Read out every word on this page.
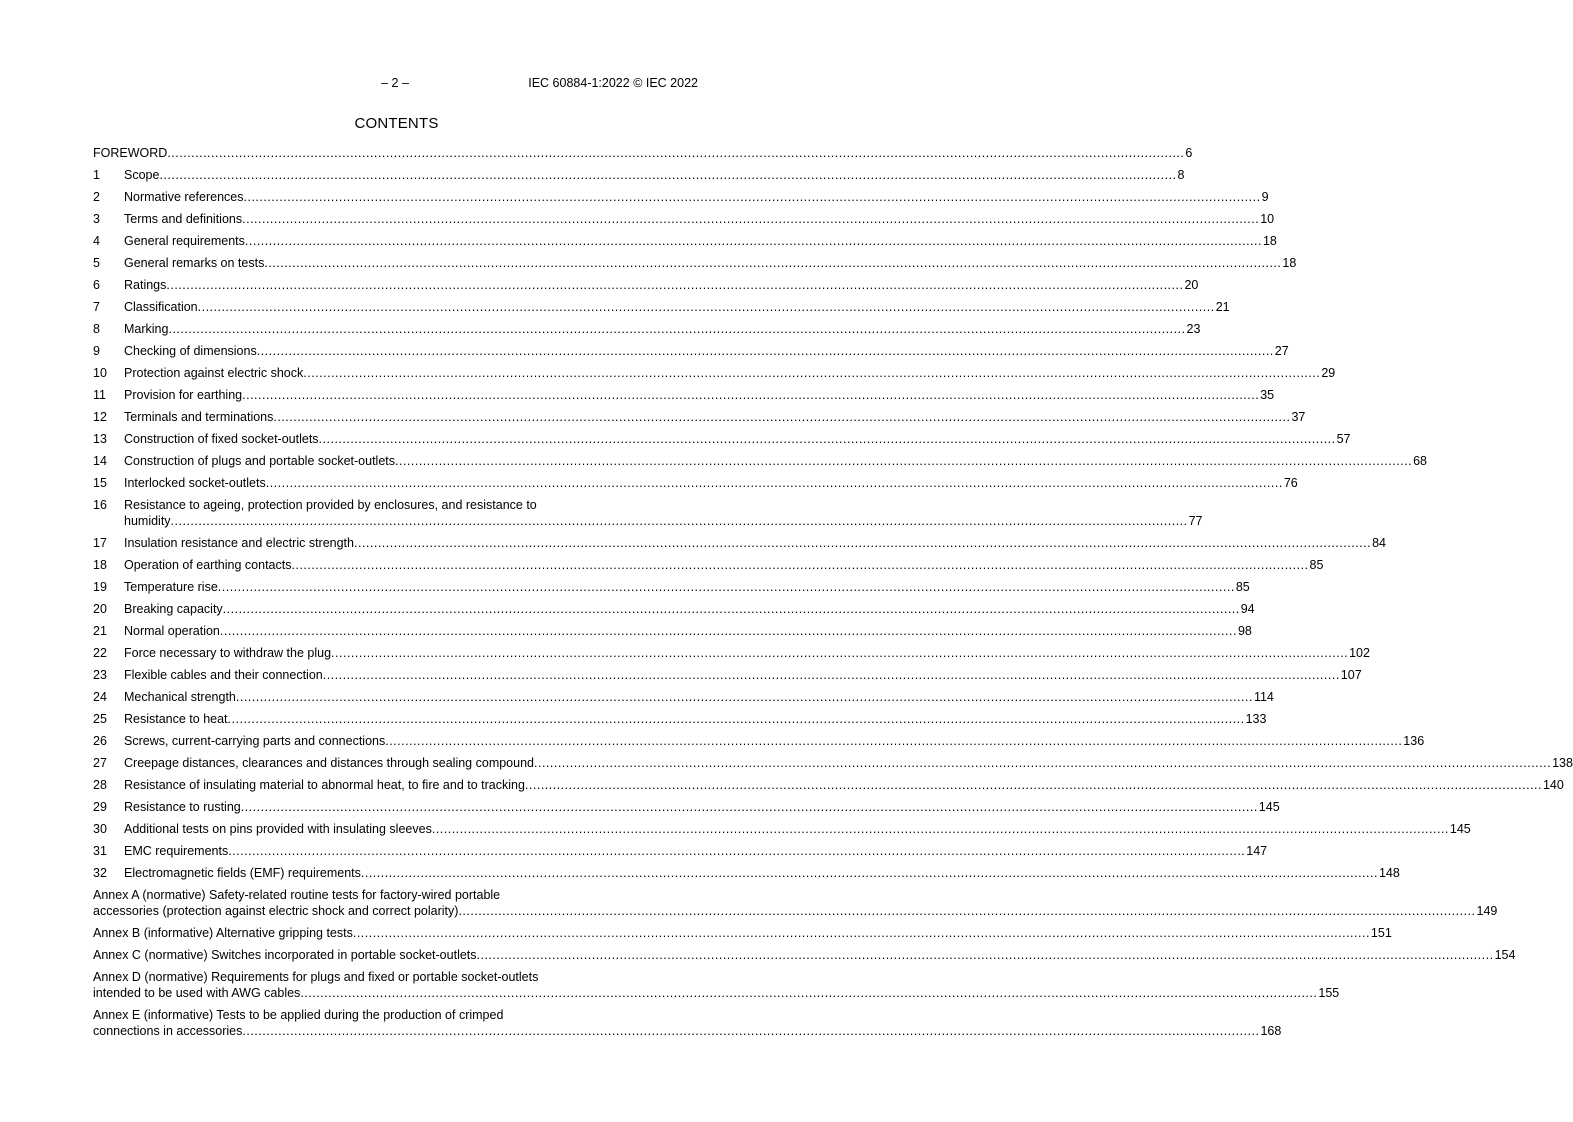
– 2 –	IEC 60884-1:2022 © IEC 2022
CONTENTS
FOREWORD .....	6
1	Scope .....	8
2	Normative references .....	9
3	Terms and definitions .....	10
4	General requirements .....	18
5	General remarks on tests .....	18
6	Ratings .....	20
7	Classification .....	21
8	Marking .....	23
9	Checking of dimensions .....	27
10	Protection against electric shock .....	29
11	Provision for earthing .....	35
12	Terminals and terminations .....	37
13	Construction of fixed socket-outlets .....	57
14	Construction of plugs and portable socket-outlets .....	68
15	Interlocked socket-outlets .....	76
16	Resistance to ageing, protection provided by enclosures, and resistance to
humidity .....	77
17	Insulation resistance and electric strength .....	84
18	Operation of earthing contacts .....	85
19	Temperature rise .....	85
20	Breaking capacity .....	94
21	Normal operation .....	98
22	Force necessary to withdraw the plug .....	102
23	Flexible cables and their connection .....	107
24	Mechanical strength .....	114
25	Resistance to heat .....	133
26	Screws, current-carrying parts and connections .....	136
27	Creepage distances, clearances and distances through sealing compound .....	138
28	Resistance of insulating material to abnormal heat, to fire and to tracking .....	140
29	Resistance to rusting .....	145
30	Additional tests on pins provided with insulating sleeves .....	145
31	EMC requirements .....	147
32	Electromagnetic fields (EMF) requirements .....	148
Annex A (normative) Safety-related routine tests for factory-wired portable
accessories (protection against electric shock and correct polarity) .....	149
Annex B (informative) Alternative gripping tests .....	151
Annex C (normative) Switches incorporated in portable socket-outlets .....	154
Annex D (normative) Requirements for plugs and fixed or portable socket-outlets
intended to be used with AWG cables .....	155
Annex E (informative) Tests to be applied during the production of crimped
connections in accessories .....	168
